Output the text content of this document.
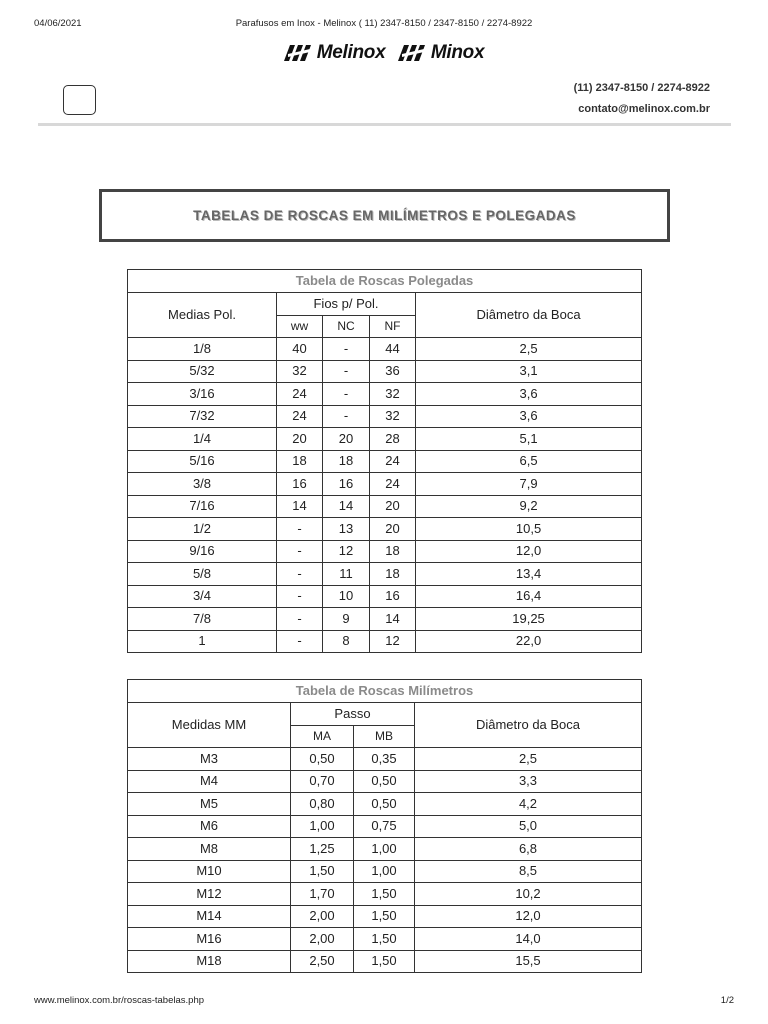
04/06/2021	Parafusos em Inox - Melinox ( 11) 2347-8150 / 2347-8150 / 2274-8922
Melinox
Minox
(11) 2347-8150 / 2274-8922
contato@melinox.com.br
TABELAS DE ROSCAS EM MILÍMETROS E POLEGADAS
Tabela de Roscas Polegadas				
Medias Pol.	Fios p/ Pol.			Diâmetro da Boca
	ww	NC	NF	
1/8	40	-	44	2,5
5/32	32	-	36	3,1
3/16	24	-	32	3,6
7/32	24	-	32	3,6
1/4	20	20	28	5,1
5/16	18	18	24	6,5
3/8	16	16	24	7,9
7/16	14	14	20	9,2
1/2	-	13	20	10,5
9/16	-	12	18	12,0
5/8	-	11	18	13,4
3/4	-	10	16	16,4
7/8	-	9	14	19,25
1	-	8	12	22,0
Tabela de Roscas Milímetros			
Medidas MM	Passo		Diâmetro da Boca
	MA	MB	
M3	0,50	0,35	2,5
M4	0,70	0,50	3,3
M5	0,80	0,50	4,2
M6	1,00	0,75	5,0
M8	1,25	1,00	6,8
M10	1,50	1,00	8,5
M12	1,70	1,50	10,2
M14	2,00	1,50	12,0
M16	2,00	1,50	14,0
M18	2,50	1,50	15,5
www.melinox.com.br/roscas-tabelas.php	1/2
